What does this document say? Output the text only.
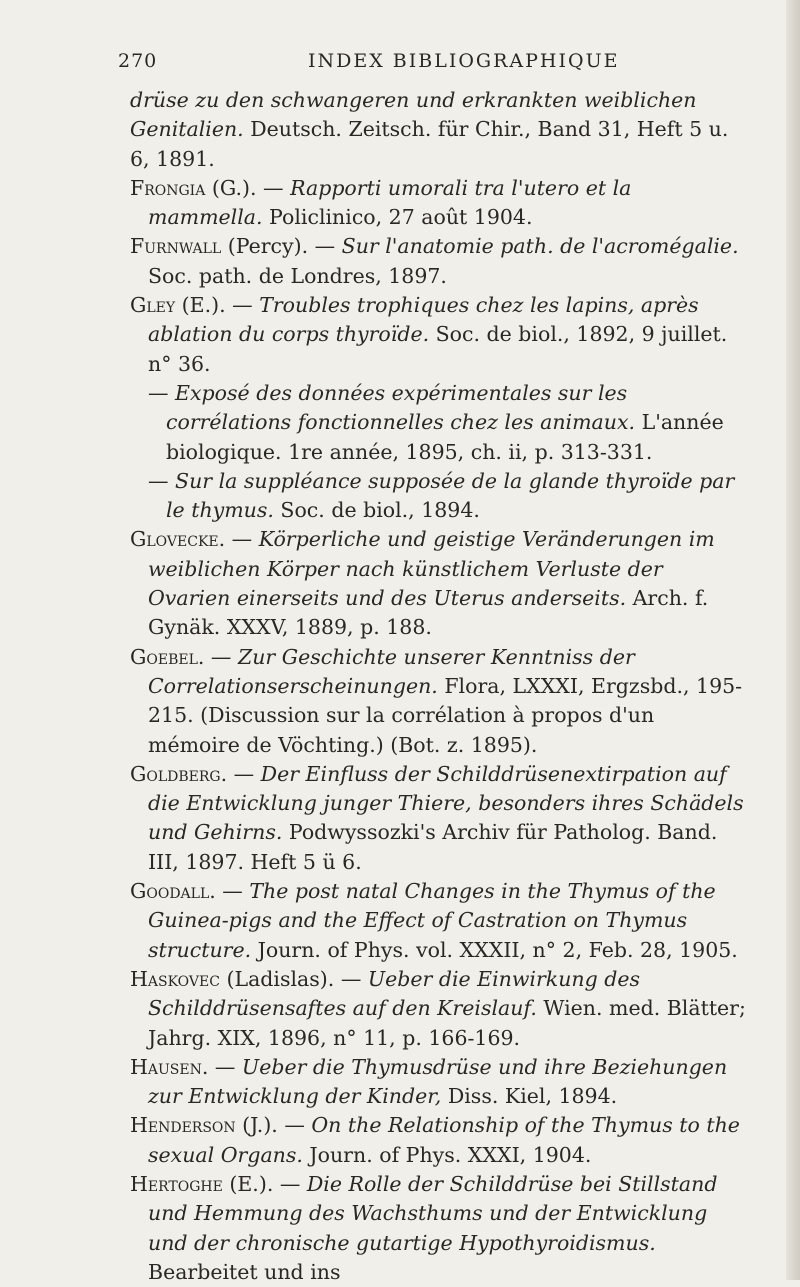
270	INDEX BIBLIOGRAPHIQUE
drüse zu den schwangeren und erkrankten weiblichen Genitalien. Deutsch. Zeitsch. für Chir., Band 31, Heft 5 u. 6, 1891.
Frongia (G.). — Rapporti umorali tra l'utero et la mammella. Policlinico, 27 août 1904.
Furnwall (Percy). — Sur l'anatomie path. de l'acromégalie. Soc. path. de Londres, 1897.
Gley (E.). — Troubles trophiques chez les lapins, après ablation du corps thyroïde. Soc. de biol., 1892, 9 juillet. n° 36.
— Exposé des données expérimentales sur les corrélations fonctionnelles chez les animaux. L'année biologique. 1re année, 1895, ch. ii, p. 313-331.
— Sur la suppléance supposée de la glande thyroïde par le thymus. Soc. de biol., 1894.
Glovecke. — Körperliche und geistige Veränderungen im weiblichen Körper nach künstlichem Verluste der Ovarien einerseits und des Uterus anderseits. Arch. f. Gynäk. XXXV, 1889, p. 188.
Goebel. — Zur Geschichte unserer Kenntniss der Correlationserscheinungen. Flora, LXXXI, Ergzsbd., 195-215. (Discussion sur la corrélation à propos d'un mémoire de Vöchting.) (Bot. z. 1895).
Goldberg. — Der Einfluss der Schilddrüsenextirpation auf die Entwicklung junger Thiere, besonders ihres Schädels und Gehirns. Podwyssozki's Archiv für Patholog. Band. III, 1897. Heft 5 ü 6.
Goodall. — The post natal Changes in the Thymus of the Guinea-pigs and the Effect of Castration on Thymus structure. Journ. of Phys. vol. XXXII, n° 2, Feb. 28, 1905.
Haskovec (Ladislas). — Ueber die Einwirkung des Schilddrüsensaftes auf den Kreislauf. Wien. med. Blätter; Jahrg. XIX, 1896, n° 11, p. 166-169.
Hausen. — Ueber die Thymusdrüse und ihre Beziehungen zur Entwicklung der Kinder, Diss. Kiel, 1894.
Henderson (J.). — On the Relationship of the Thymus to the sexual Organs. Journ. of Phys. XXXI, 1904.
Hertoghe (E.). — Die Rolle der Schilddrüse bei Stillstand und Hemmung des Wachsthums und der Entwicklung und der chronische gutartige Hypothyroidismus. Bearbeitet und ins
